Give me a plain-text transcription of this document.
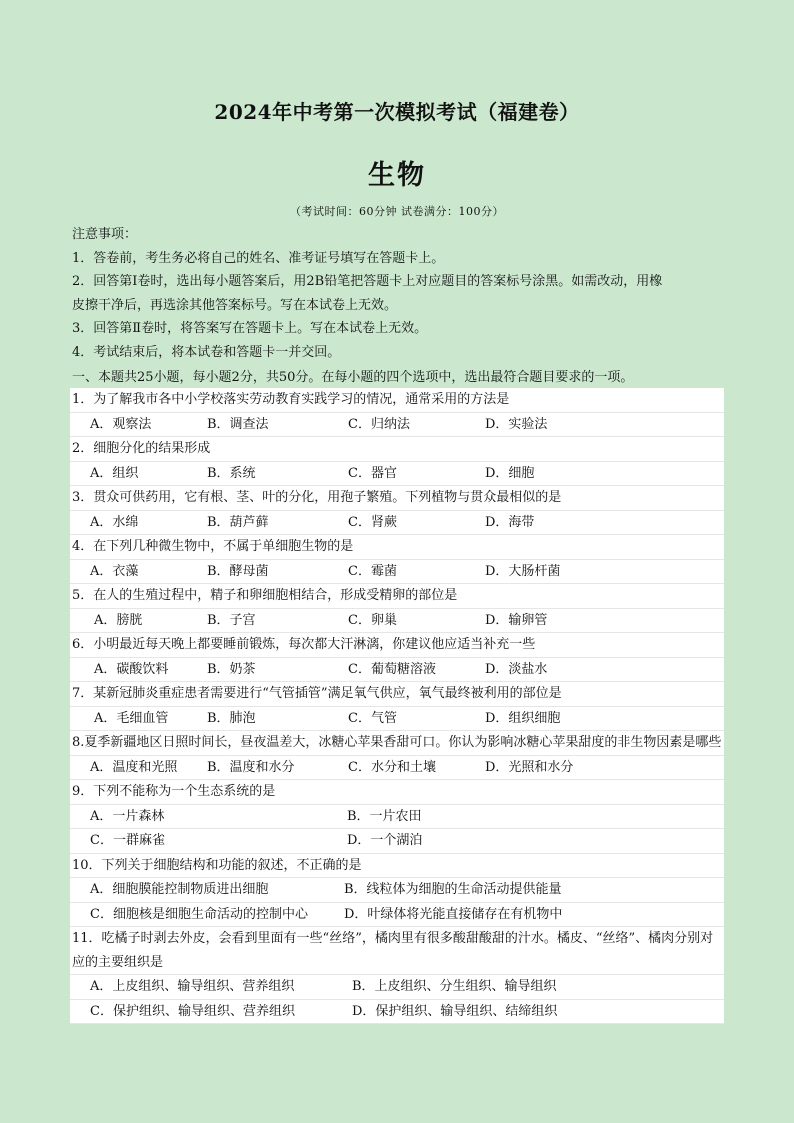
2024年中考第一次模拟考试（福建卷）
生物
（考试时间：60分钟 试卷满分：100分）
注意事项：
1．答卷前，考生务必将自己的姓名、准考证号填写在答题卡上。
2．回答第Ⅰ卷时，选出每小题答案后，用2B铅笔把答题卡上对应题目的答案标号涂黑。如需改动，用橡
皮擦干净后，再选涂其他答案标号。写在本试卷上无效。
3．回答第Ⅱ卷时，将答案写在答题卡上。写在本试卷上无效。
4．考试结束后，将本试卷和答题卡一并交回。
一、本题共25小题，每小题2分，共50分。在每小题的四个选项中，选出最符合题目要求的一项。
1．为了解我市各中小学校落实劳动教育实践学习的情况，通常采用的方法是
A．观察法	B．调查法	C．归纳法	D．实验法
2．细胞分化的结果形成
A．组织	B．系统	C．器官	D．细胞
3．贯众可供药用，它有根、茎、叶的分化，用孢子繁殖。下列植物与贯众最相似的是
A．水绵	B．葫芦藓	C．肾蕨	D．海带
4．在下列几种微生物中，不属于单细胞生物的是
A．衣藻	B．酵母菌	C．霉菌	D．大肠杆菌
5．在人的生殖过程中，精子和卵细胞相结合，形成受精卵的部位是
A．膀胱	B．子宫	C．卵巢	D．输卵管
6．小明最近每天晚上都要睡前锻炼，每次都大汗淋漓，你建议他应适当补充一些
A．碳酸饮料	B．奶茶	C．葡萄糖溶液	D．淡盐水
7．某新冠肺炎重症患者需要进行“气管插管”满足氧气供应，氧气最终被利用的部位是
A．毛细血管	B．肺泡	C．气管	D．组织细胞
8.夏季新疆地区日照时间长，昼夜温差大，冰糖心苹果香甜可口。你认为影响冰糖心苹果甜度的非生物因素是哪些
A．温度和光照 B．温度和水分	C．水分和土壤	D．光照和水分
9．下列不能称为一个生态系统的是
A．一片森林	B．一片农田
C．一群麻雀	D．一个湖泊
10．下列关于细胞结构和功能的叙述，不正确的是
A．细胞膜能控制物质进出细胞	B．线粒体为细胞的生命活动提供能量
C．细胞核是细胞生命活动的控制中心	D．叶绿体将光能直接储存在有机物中
11．吃橘子时剥去外皮，会看到里面有一些“丝络”，橘肉里有很多酸甜酸甜的汁水。橘皮、“丝络”、橘肉分别对应的主要组织是
A．上皮组织、输导组织、营养组织	B．上皮组织、分生组织、输导组织
C．保护组织、输导组织、营养组织	D．保护组织、输导组织、结缔组织
